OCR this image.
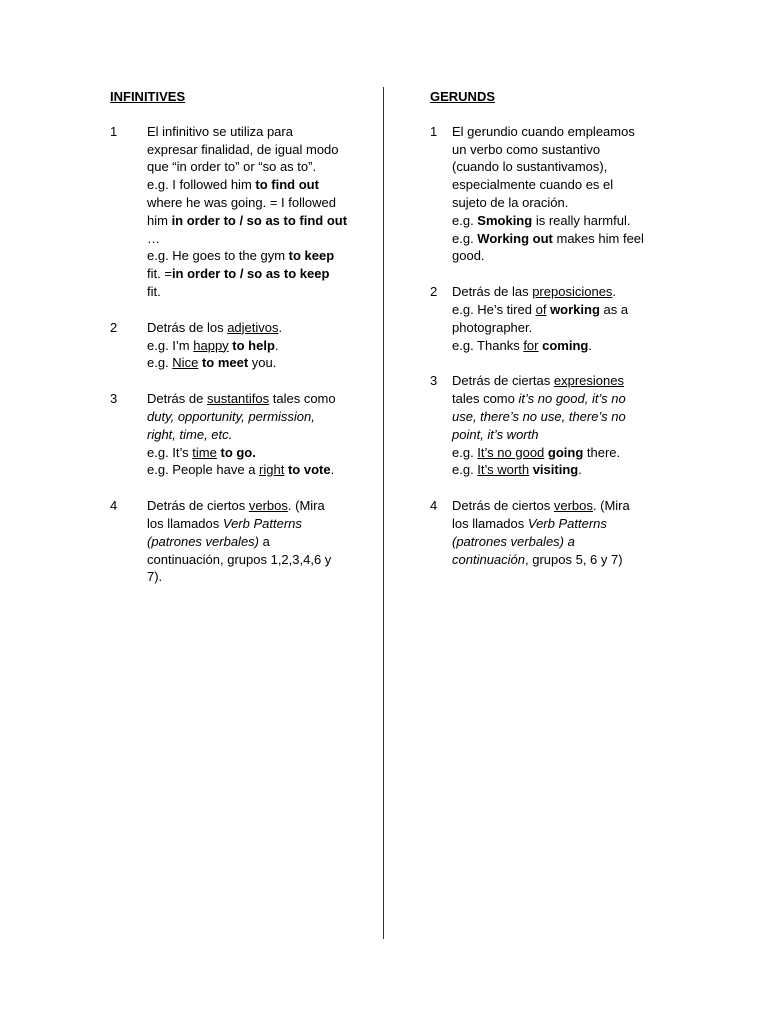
INFINITIVES
1	El infinitivo se utiliza para
expresar finalidad, de igual modo
que “in order to” or “so as to”.
e.g. I followed him to find out
where he was going. = I followed
him in order to / so as to find out
…
e.g. He goes to the gym to keep
fit. =in order to / so as to keep
fit.
2	Detrás de los adjetivos.
e.g. I’m happy to help.
e.g. Nice to meet you.
3	Detrás de sustantifos tales como
duty, opportunity, permission,
right, time, etc.
e.g. It’s time to go.
e.g. People have a right to vote.
4	Detrás de ciertos verbos. (Mira
los llamados Verb Patterns
(patrones verbales) a
continuación, grupos 1,2,3,4,6 y
7).
GERUNDS
1	El gerundio cuando empleamos
un verbo como sustantivo
(cuando lo sustantivamos),
especialmente cuando es el
sujeto de la oración.
e.g. Smoking is really harmful.
e.g. Working out makes him feel
good.
2	Detrás de las preposiciones.
e.g. He’s tired of working as a
photographer.
e.g. Thanks for coming.
3	Detrás de ciertas expresiones
tales como it’s no good, it’s no
use, there’s no use, there’s no
point, it’s worth
e.g. It’s no good going there.
e.g. It’s worth visiting.
4	Detrás de ciertos verbos. (Mira
los llamados Verb Patterns
(patrones verbales) a
continuación, grupos 5, 6 y 7)
